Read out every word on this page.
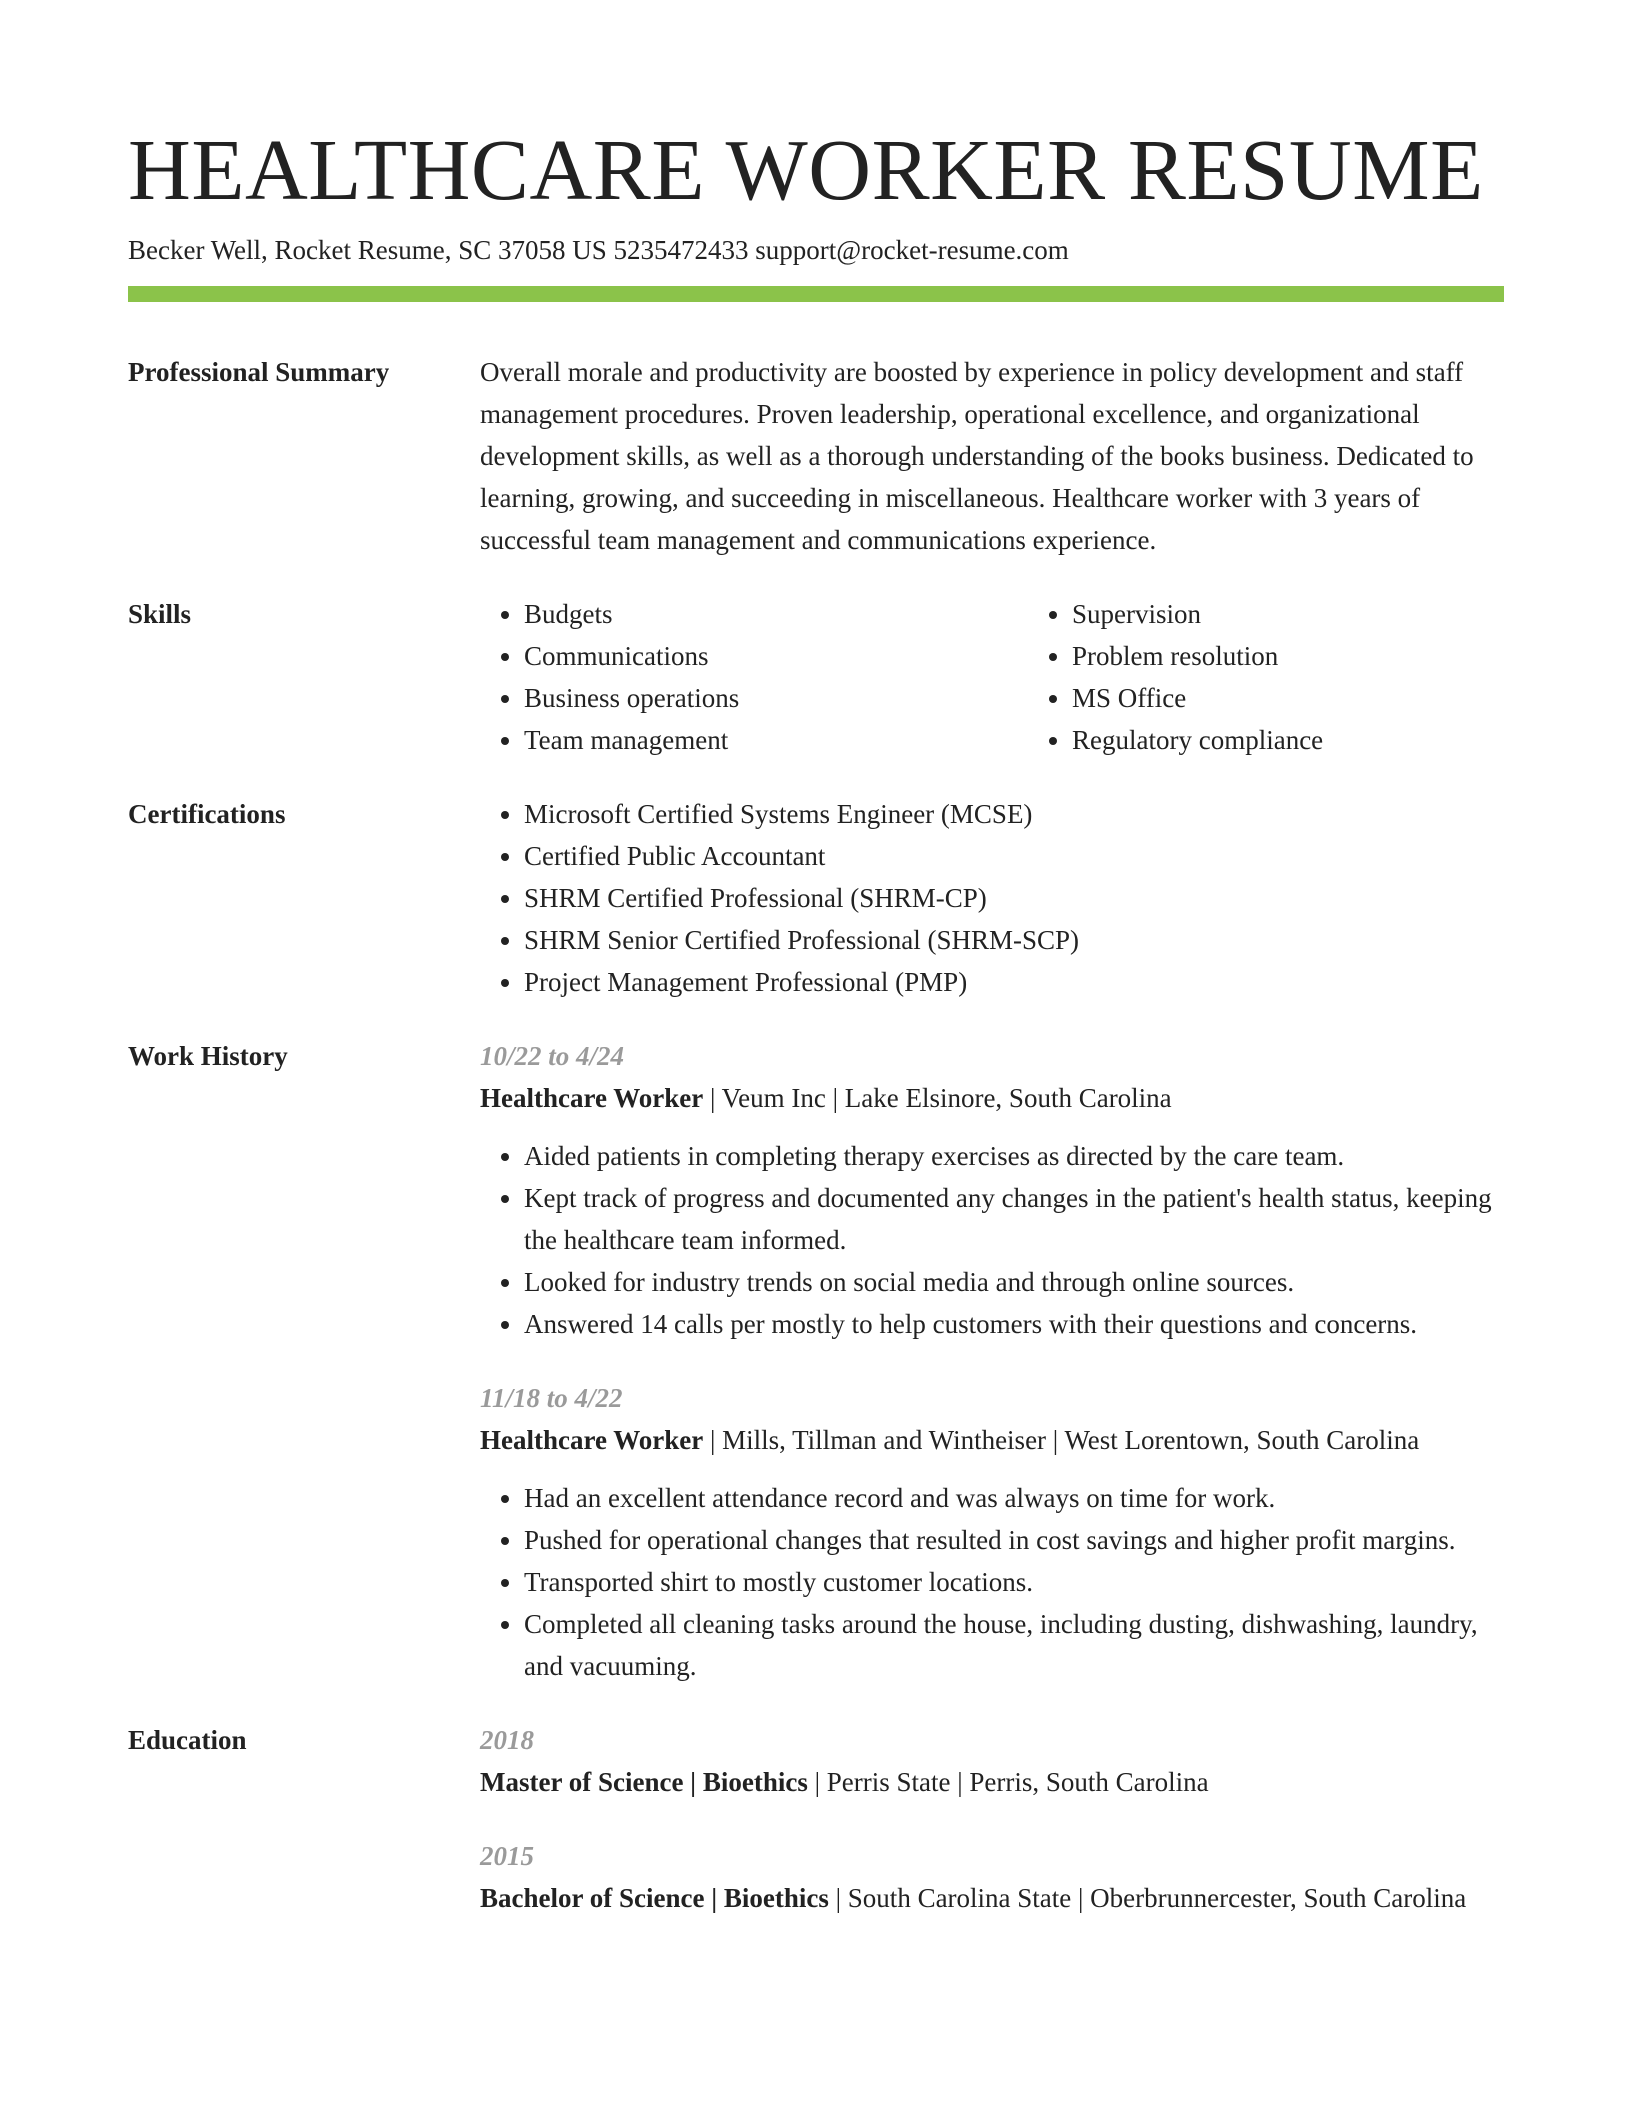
HEALTHCARE WORKER RESUME
Becker Well, Rocket Resume, SC 37058 US 5235472433 support@rocket-resume.com
Professional Summary	Overall morale and productivity are boosted by experience in policy development and staff management procedures. Proven leadership, operational excellence, and organizational development skills, as well as a thorough understanding of the books business. Dedicated to learning, growing, and succeeding in miscellaneous. Healthcare worker with 3 years of successful team management and communications experience.

Skills	• Budgets
• Communications
• Business operations
• Team management
• Supervision
• Problem resolution
• MS Office
• Regulatory compliance
Certifications	• Microsoft Certified Systems Engineer (MCSE)
• Certified Public Accountant
• SHRM Certified Professional (SHRM-CP)
• SHRM Senior Certified Professional (SHRM-SCP)
• Project Management Professional (PMP)
Work History	10/22 to 4/24
Healthcare Worker | Veum Inc | Lake Elsinore, South Carolina
• Aided patients in completing therapy exercises as directed by the care team.
• Kept track of progress and documented any changes in the patient's health status, keeping the healthcare team informed.
• Looked for industry trends on social media and through online sources.
• Answered 14 calls per mostly to help customers with their questions and concerns.
11/18 to 4/22
Healthcare Worker | Mills, Tillman and Wintheiser | West Lorentown, South Carolina
• Had an excellent attendance record and was always on time for work.
• Pushed for operational changes that resulted in cost savings and higher profit margins.
• Transported shirt to mostly customer locations.
• Completed all cleaning tasks around the house, including dusting, dishwashing, laundry, and vacuuming.
Education	2018
Master of Science | Bioethics | Perris State | Perris, South Carolina
2015
Bachelor of Science | Bioethics | South Carolina State | Oberbrunnercester, South Carolina
